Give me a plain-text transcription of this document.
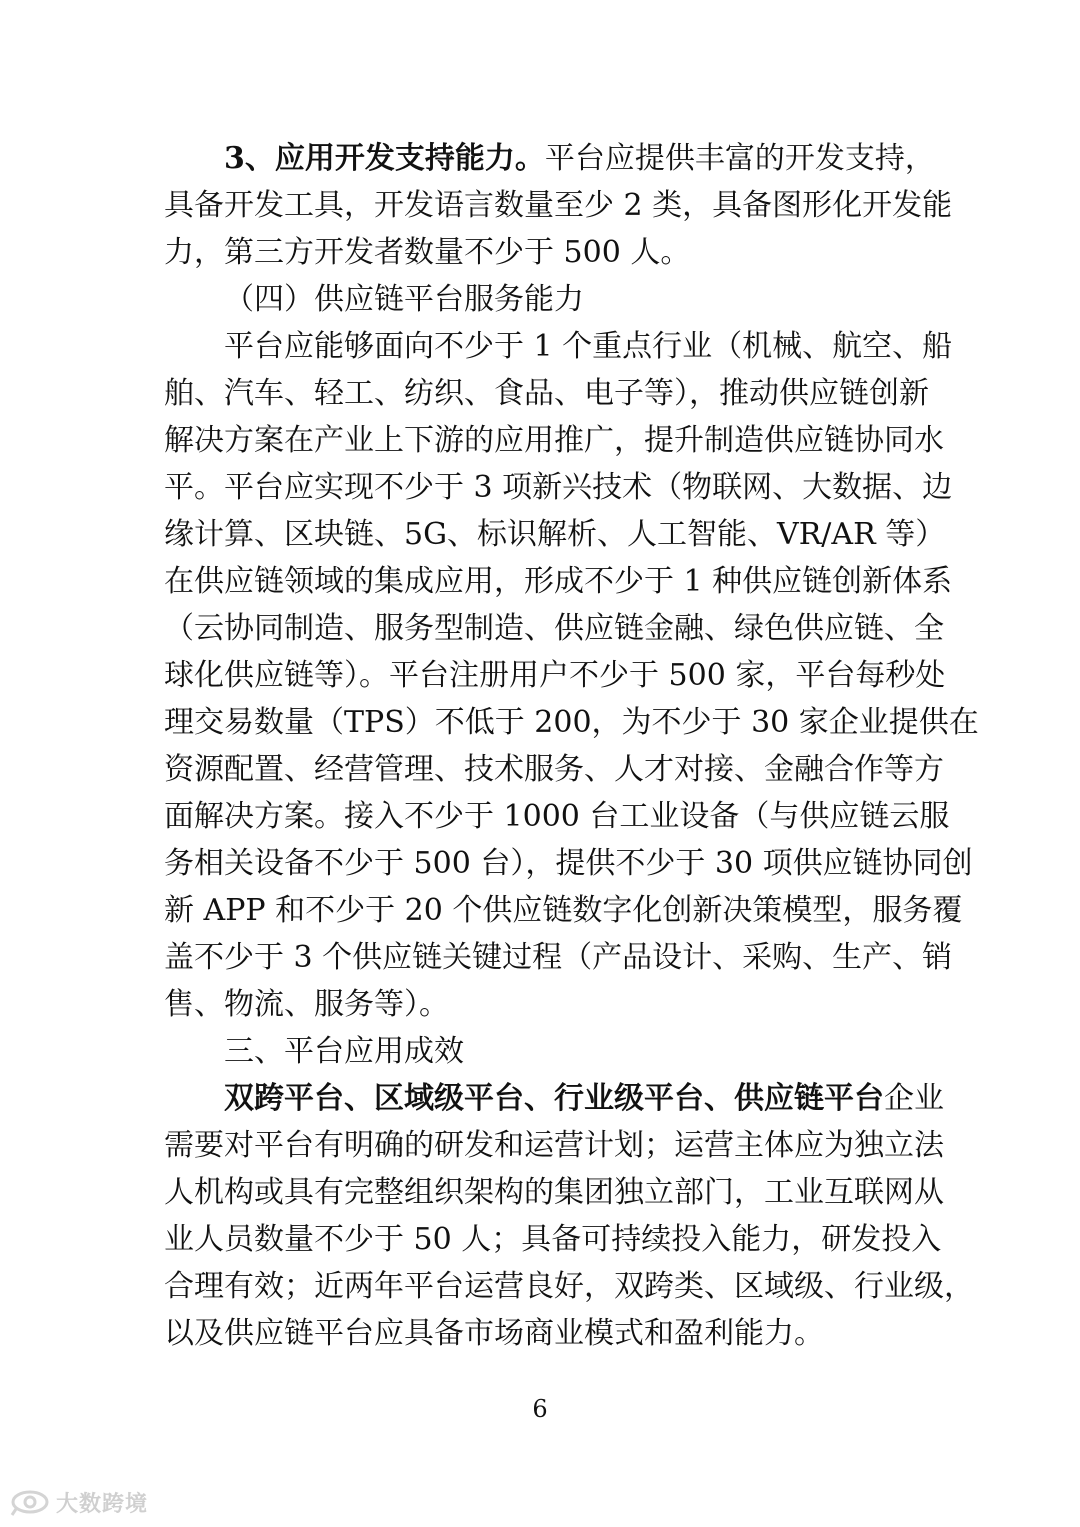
3、应用开发支持能力。平台应提供丰富的开发支持，
具备开发工具，开发语言数量至少 2 类，具备图形化开发能
力，第三方开发者数量不少于 500 人。
（四）供应链平台服务能力
平台应能够面向不少于 1 个重点行业（机械、航空、船
舶、汽车、轻工、纺织、食品、电子等），推动供应链创新
解决方案在产业上下游的应用推广，提升制造供应链协同水
平。平台应实现不少于 3 项新兴技术（物联网、大数据、边
缘计算、区块链、5G、标识解析、人工智能、VR/AR 等）
在供应链领域的集成应用，形成不少于 1 种供应链创新体系
（云协同制造、服务型制造、供应链金融、绿色供应链、全
球化供应链等）。平台注册用户不少于 500 家，平台每秒处
理交易数量（TPS）不低于 200，为不少于 30 家企业提供在
资源配置、经营管理、技术服务、人才对接、金融合作等方
面解决方案。接入不少于 1000 台工业设备（与供应链云服
务相关设备不少于 500 台），提供不少于 30 项供应链协同创
新 APP 和不少于 20 个供应链数字化创新决策模型，服务覆
盖不少于 3 个供应链关键过程（产品设计、采购、生产、销
售、物流、服务等）。
三、平台应用成效
双跨平台、区域级平台、行业级平台、供应链平台企业
需要对平台有明确的研发和运营计划；运营主体应为独立法
人机构或具有完整组织架构的集团独立部门，工业互联网从
业人员数量不少于 50 人；具备可持续投入能力，研发投入
合理有效；近两年平台运营良好，双跨类、区域级、行业级，
以及供应链平台应具备市场商业模式和盈利能力。
6
大数跨境
